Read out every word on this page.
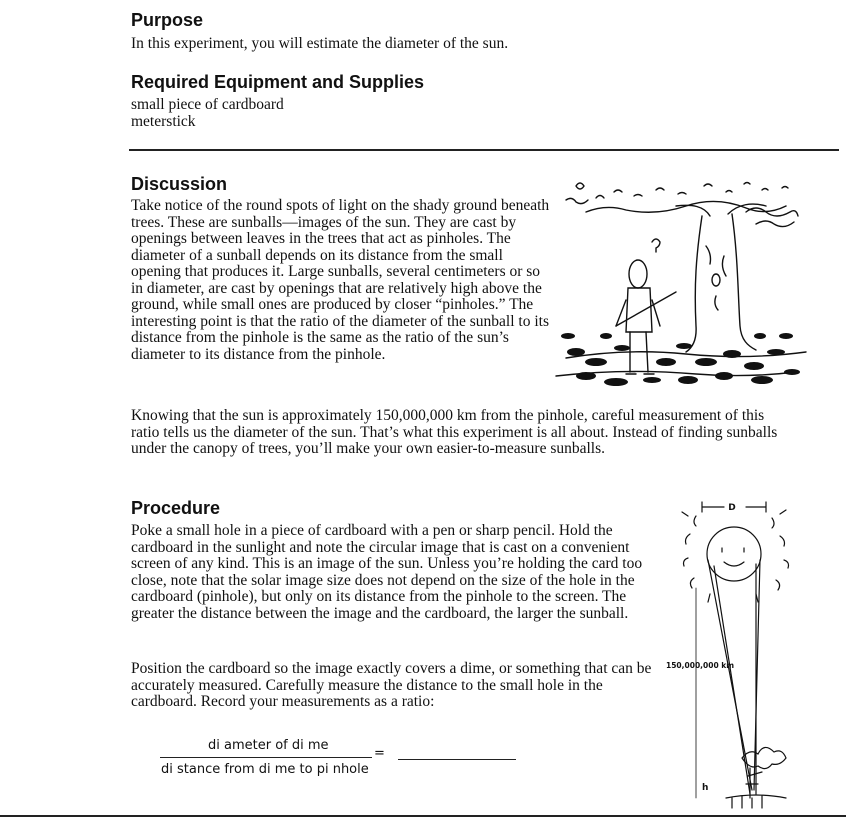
Purpose

In this experiment, you will estimate the diameter of the sun.

Required Equipment and Supplies

small piece of cardboard

meterstick

Discussion

Take notice of the round spots of light on the shady ground beneath trees. These are sunballs—images of the sun. They are cast by openings between leaves in the trees that act as pinholes. The diameter of a sunball depends on its distance from the small opening that produces it. Large sunballs, several centimeters or so in diameter, are cast by openings that are relatively high above the ground, while small ones are produced by closer “pinholes.” The interesting point is that the ratio of the diameter of the sunball to its distance from the pinhole is the same as the ratio of the sun’s diameter to its distance from the pinhole.

Knowing that the sun is approximately 150,000,000 km from the pinhole, careful measurement of this ratio tells us the diameter of the sun. That’s what this experiment is all about. Instead of finding sunballs under the canopy of trees, you’ll make your own easier-to-measure sunballs.

Procedure

Poke a small hole in a piece of cardboard with a pen or sharp pencil. Hold the cardboard in the sunlight and note the circular image that is cast on a convenient screen of any kind. This is an image of the sun. Unless you’re holding the card too close, note that the solar image size does not depend on the size of the hole in the cardboard (pinhole), but only on its distance from the pinhole to the screen. The greater the distance between the image and the cardboard, the larger the sunball.

Position the cardboard so the image exactly covers a dime, or something that can be accurately measured. Carefully measure the distance to the small hole in the cardboard. Record your measurements as a ratio:

di ameter of di me
di stance from di me to pi nhole
=
D
150,000,000 km
h
